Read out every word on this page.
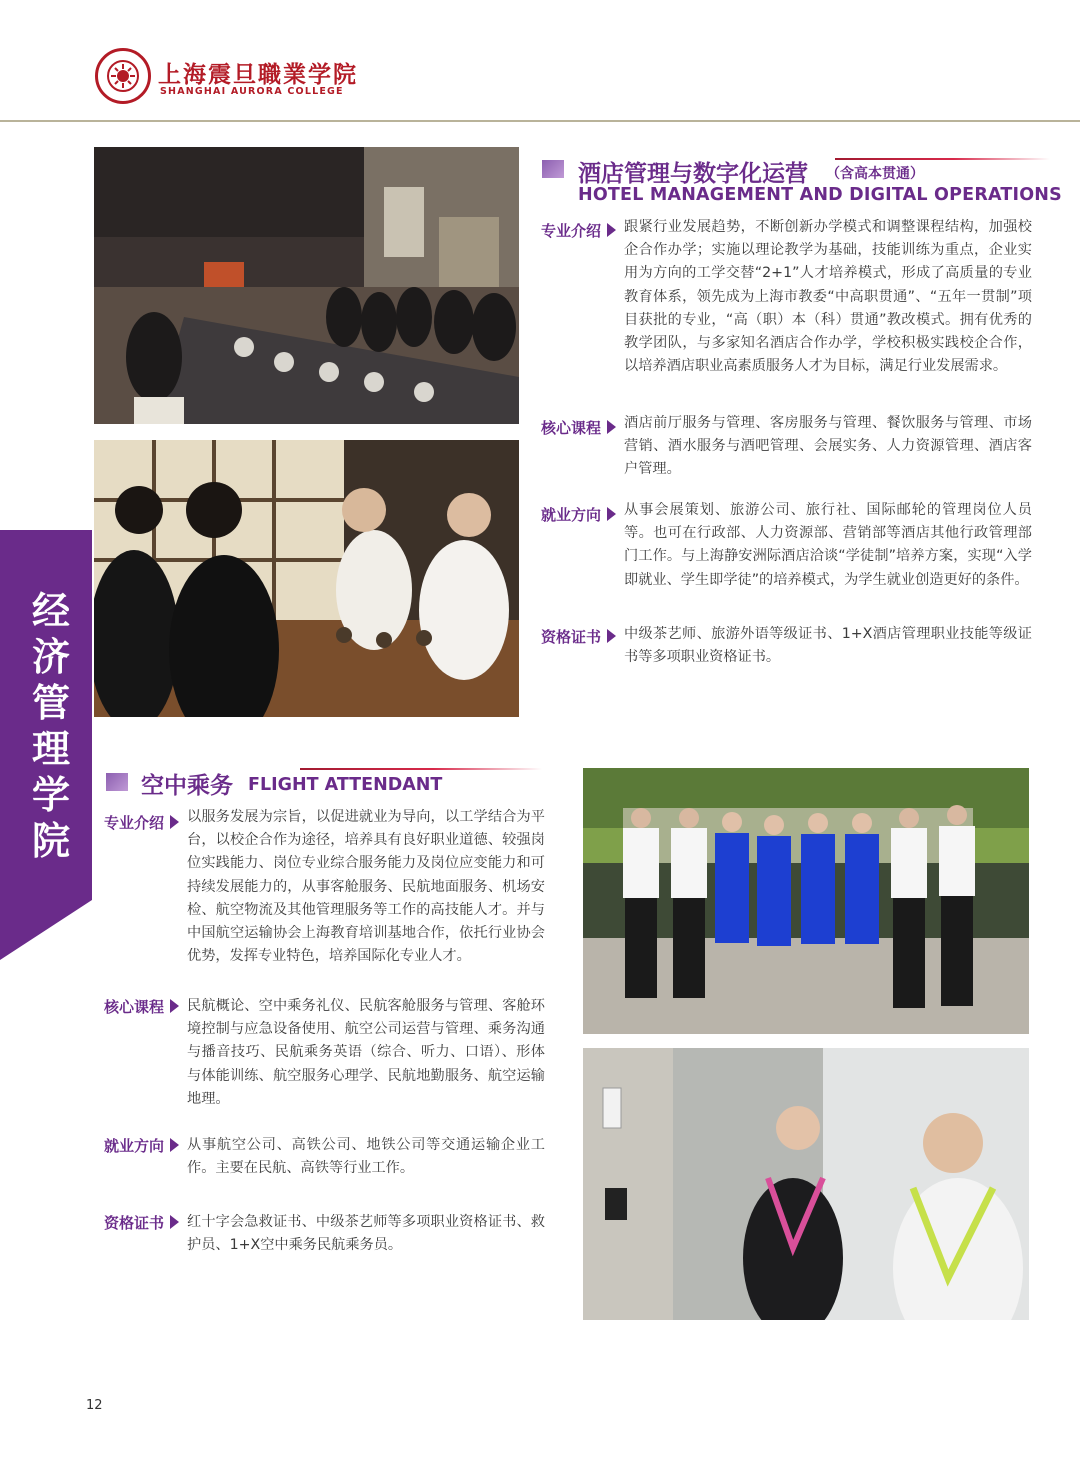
上海震旦職業学院
SHANGHAI AURORA COLLEGE
酒店管理与数字化运营 （含高本贯通）
HOTEL MANAGEMENT AND DIGITAL OPERATIONS
专业介绍	跟紧行业发展趋势，不断创新办学模式和调整课程结构，加强校企合作办学；实施以理论教学为基础，技能训练为重点，企业实用为方向的工学交替“2+1”人才培养模式，形成了高质量的专业教育体系，领先成为上海市教委“中高职贯通”、“五年一贯制”项目获批的专业，“高（职）本（科）贯通”教改模式。拥有优秀的教学团队，与多家知名酒店合作办学，学校积极实践校企合作，以培养酒店职业高素质服务人才为目标，满足行业发展需求。
核心课程	酒店前厅服务与管理、客房服务与管理、餐饮服务与管理、市场营销、酒水服务与酒吧管理、会展实务、人力资源管理、酒店客户管理。
就业方向	从事会展策划、旅游公司、旅行社、国际邮轮的管理岗位人员等。也可在行政部、人力资源部、营销部等酒店其他行政管理部门工作。与上海静安洲际酒店洽谈“学徒制”培养方案，实现“入学即就业、学生即学徒”的培养模式，为学生就业创造更好的条件。
资格证书	中级茶艺师、旅游外语等级证书、1+X酒店管理职业技能等级证书等多项职业资格证书。
经济管理学院
空中乘务 FLIGHT ATTENDANT
专业介绍	以服务发展为宗旨，以促进就业为导向，以工学结合为平台，以校企合作为途径，培养具有良好职业道德、较强岗位实践能力、岗位专业综合服务能力及岗位应变能力和可持续发展能力的，从事客舱服务、民航地面服务、机场安检、航空物流及其他管理服务等工作的高技能人才。并与中国航空运输协会上海教育培训基地合作，依托行业协会优势，发挥专业特色，培养国际化专业人才。
核心课程	民航概论、空中乘务礼仪、民航客舱服务与管理、客舱环境控制与应急设备使用、航空公司运营与管理、乘务沟通与播音技巧、民航乘务英语（综合、听力、口语）、形体与体能训练、航空服务心理学、民航地勤服务、航空运输地理。
就业方向	从事航空公司、高铁公司、地铁公司等交通运输企业工作。主要在民航、高铁等行业工作。
资格证书	红十字会急救证书、中级茶艺师等多项职业资格证书、救护员、1+X空中乘务民航乘务员。
12
